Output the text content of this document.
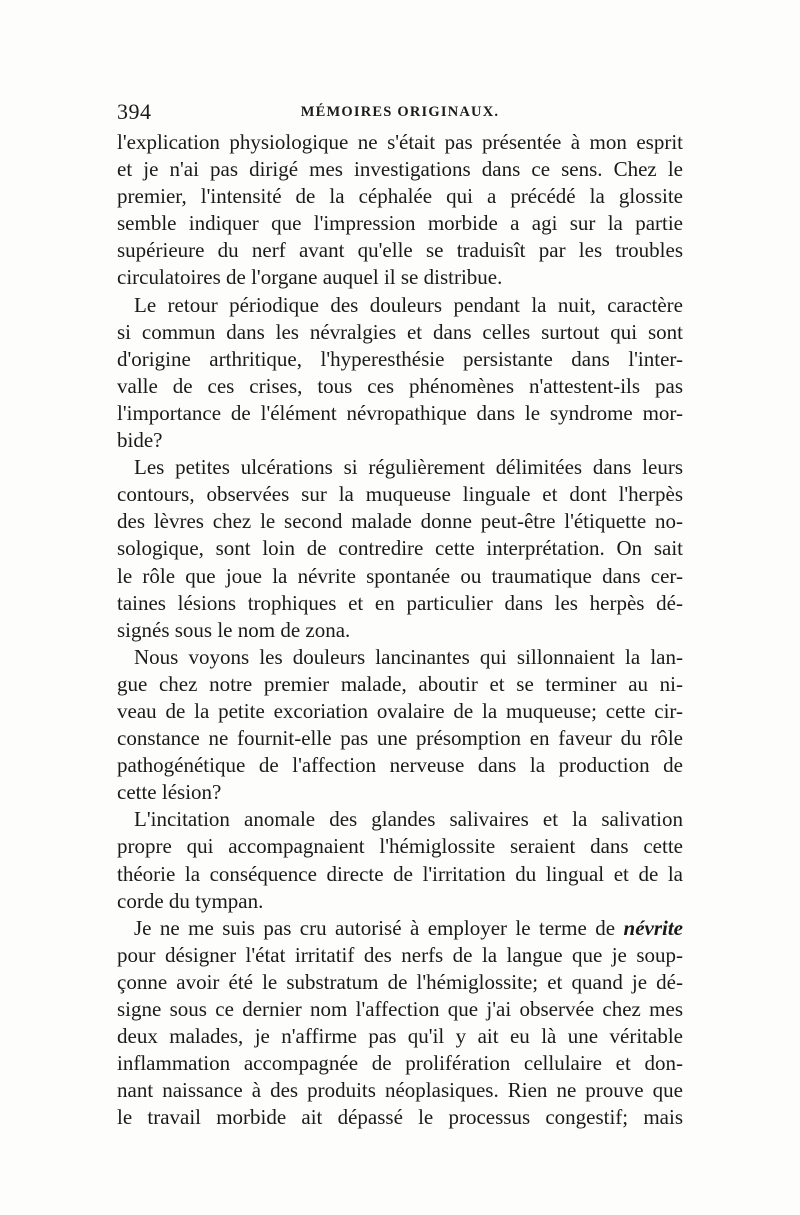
394	MÉMOIRES ORIGINAUX.
l'explication physiologique ne s'était pas présentée à mon esprit
et je n'ai pas dirigé mes investigations dans ce sens. Chez le
premier, l'intensité de la céphalée qui a précédé la glossite
semble indiquer que l'impression morbide a agi sur la partie
supérieure du nerf avant qu'elle se traduisît par les troubles
circulatoires de l'organe auquel il se distribue.
Le retour périodique des douleurs pendant la nuit, caractère
si commun dans les névralgies et dans celles surtout qui sont
d'origine arthritique, l'hyperesthésie persistante dans l'inter-
valle de ces crises, tous ces phénomènes n'attestent-ils pas
l'importance de l'élément névropathique dans le syndrome mor-
bide?
Les petites ulcérations si régulièrement délimitées dans leurs
contours, observées sur la muqueuse linguale et dont l'herpès
des lèvres chez le second malade donne peut-être l'étiquette no-
sologique, sont loin de contredire cette interprétation. On sait
le rôle que joue la névrite spontanée ou traumatique dans cer-
taines lésions trophiques et en particulier dans les herpès dé-
signés sous le nom de zona.
Nous voyons les douleurs lancinantes qui sillonnaient la lan-
gue chez notre premier malade, aboutir et se terminer au ni-
veau de la petite excoriation ovalaire de la muqueuse; cette cir-
constance ne fournit-elle pas une présomption en faveur du rôle
pathogénétique de l'affection nerveuse dans la production de
cette lésion?
L'incitation anomale des glandes salivaires et la salivation
propre qui accompagnaient l'hémiglossite seraient dans cette
théorie la conséquence directe de l'irritation du lingual et de la
corde du tympan.
Je ne me suis pas cru autorisé à employer le terme de névrite
pour désigner l'état irritatif des nerfs de la langue que je soup-
çonne avoir été le substratum de l'hémiglossite; et quand je dé-
signe sous ce dernier nom l'affection que j'ai observée chez mes
deux malades, je n'affirme pas qu'il y ait eu là une véritable
inflammation accompagnée de prolifération cellulaire et don-
nant naissance à des produits néoplasiques. Rien ne prouve que
le travail morbide ait dépassé le processus congestif; mais
